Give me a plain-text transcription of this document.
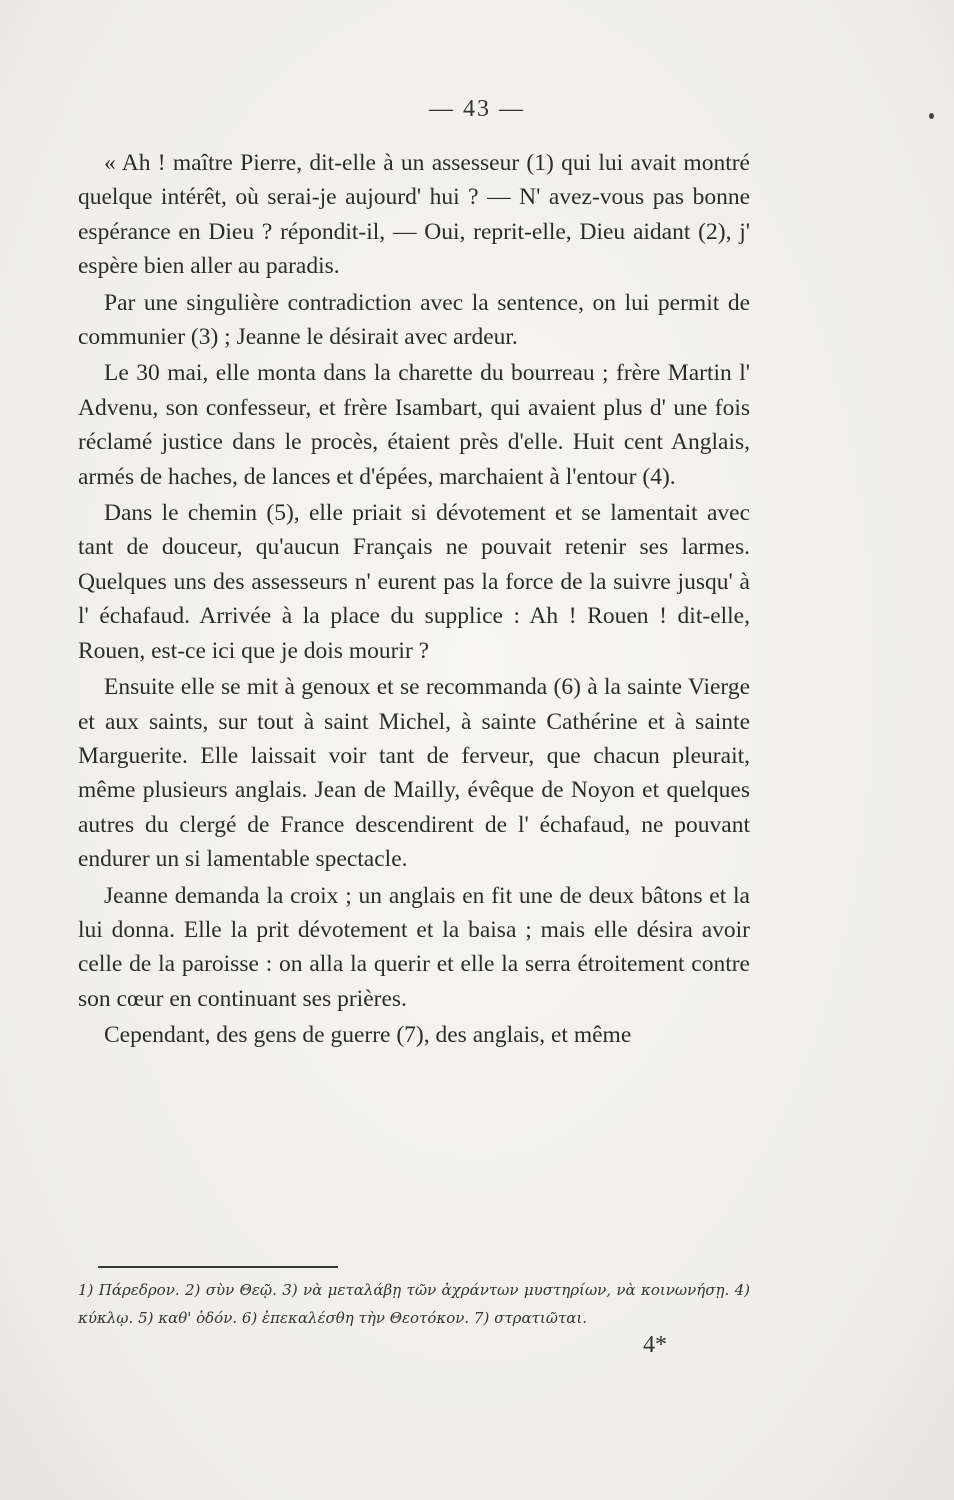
— 43 —

« Ah ! maître Pierre, dit-elle à un assesseur (1) qui lui avait montré quelque intérêt, où serai-je aujourd' hui ? — N' avez-vous pas bonne espérance en Dieu ? répondit-il, — Oui, reprit-elle, Dieu aidant (2), j' espère bien aller au paradis.

Par une singulière contradiction avec la sentence, on lui permit de communier (3) ; Jeanne le désirait avec ardeur.

Le 30 mai, elle monta dans la charette du bourreau ; frère Martin l' Advenu, son confesseur, et frère Isambart, qui avaient plus d' une fois réclamé justice dans le procès, étaient près d'elle. Huit cent Anglais, armés de haches, de lances et d'épées, marchaient à l'entour (4).

Dans le chemin (5), elle priait si dévotement et se lamentait avec tant de douceur, qu'aucun Français ne pouvait retenir ses larmes. Quelques uns des assesseurs n' eurent pas la force de la suivre jusqu' à l' échafaud. Arrivée à la place du supplice : Ah ! Rouen ! dit-elle, Rouen, est-ce ici que je dois mourir ?

Ensuite elle se mit à genoux et se recommanda (6) à la sainte Vierge et aux saints, sur tout à saint Michel, à sainte Cathérine et à sainte Marguerite. Elle laissait voir tant de ferveur, que chacun pleurait, même plusieurs anglais. Jean de Mailly, évêque de Noyon et quelques autres du clergé de France descendirent de l' échafaud, ne pouvant endurer un si lamentable spectacle.

Jeanne demanda la croix ; un anglais en fit une de deux bâtons et la lui donna. Elle la prit dévotement et la baisa ; mais elle désira avoir celle de la paroisse : on alla la querir et elle la serra étroitement contre son cœur en continuant ses prières.

Cependant, des gens de guerre (7), des anglais, et même

1) Πάρεδρον. 2) σὺν Θεῷ. 3) νὰ μεταλάβῃ τῶν ἀχράντων μυστηρίων, νὰ κοινωνήσῃ. 4) κύκλῳ. 5) καθ' ὁδόν. 6) ἐπεκαλέσθη τὴν Θεοτόκον. 7) στρατιῶται.
4*
